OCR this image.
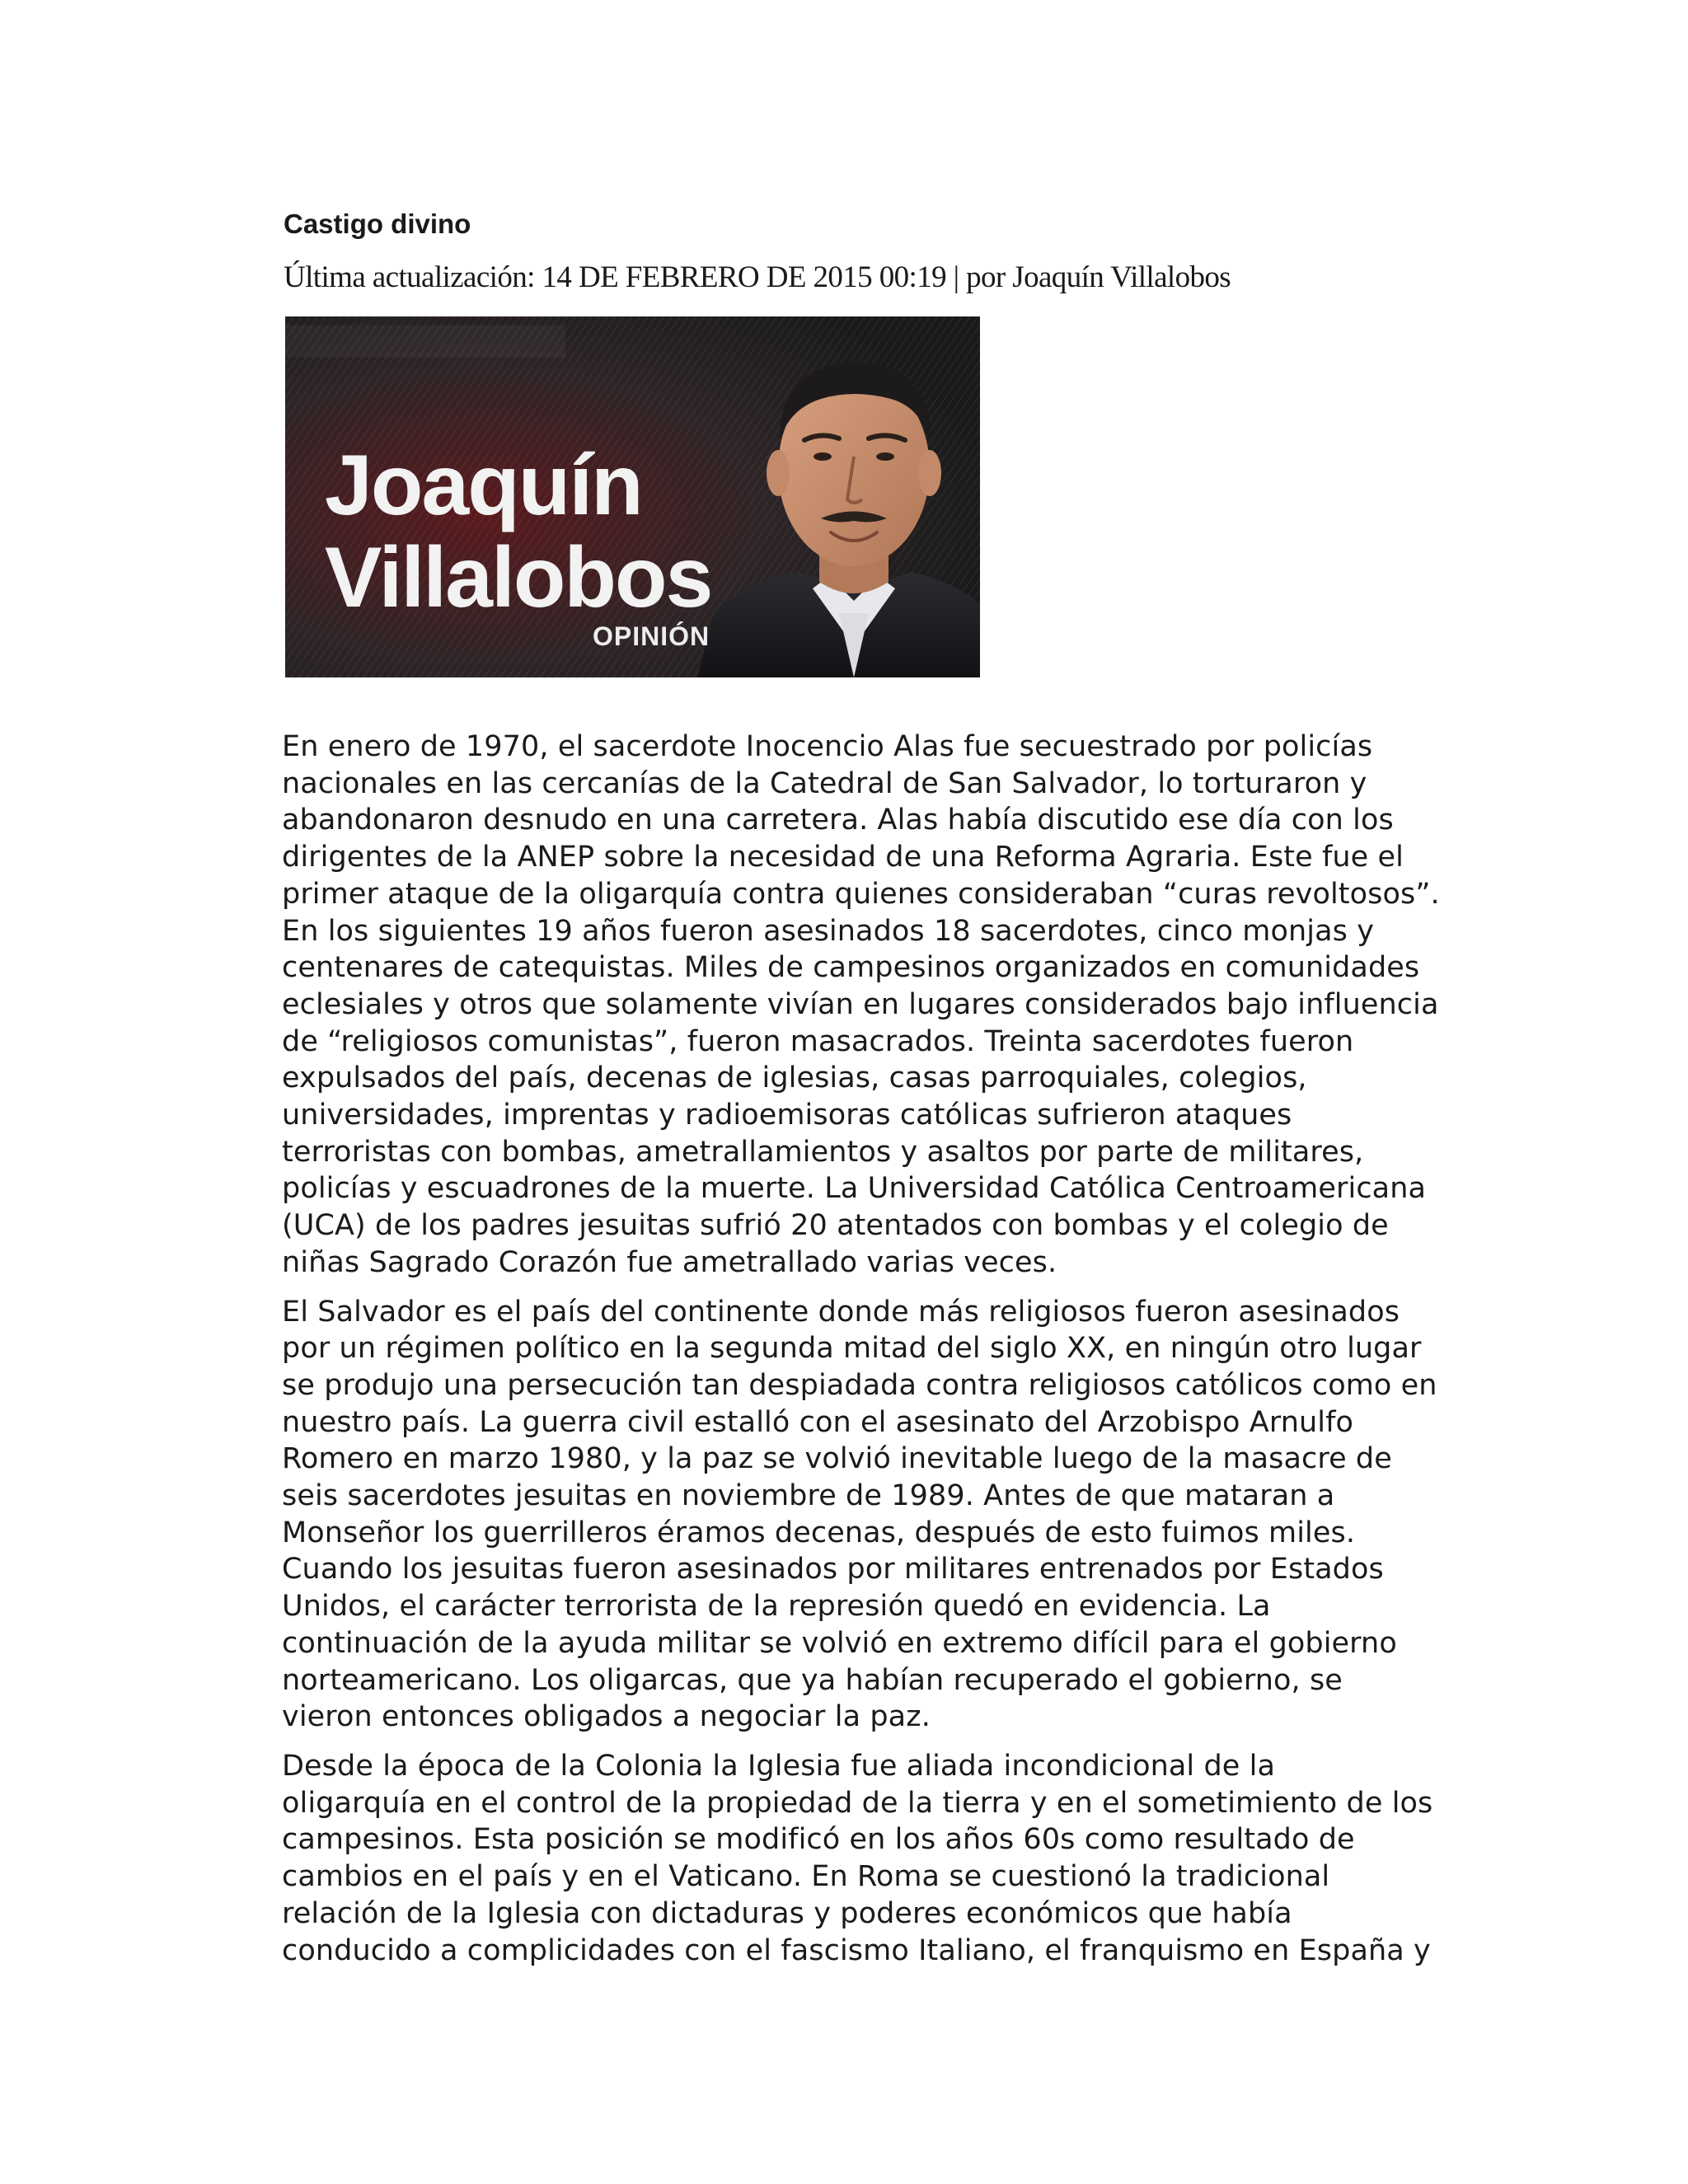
Castigo divino
Última actualización: 14 DE FEBRERO DE 2015 00:19 | por Joaquín Villalobos
Joaquín
Villalobos
OPINIÓN

En enero de 1970, el sacerdote Inocencio Alas fue secuestrado por policías
nacionales en las cercanías de la Catedral de San Salvador, lo torturaron y
abandonaron desnudo en una carretera. Alas había discutido ese día con los
dirigentes de la ANEP sobre la necesidad de una Reforma Agraria. Este fue el
primer ataque de la oligarquía contra quienes consideraban “curas revoltosos”.
En los siguientes 19 años fueron asesinados 18 sacerdotes, cinco monjas y
centenares de catequistas. Miles de campesinos organizados en comunidades
eclesiales y otros que solamente vivían en lugares considerados bajo influencia
de “religiosos comunistas”, fueron masacrados. Treinta sacerdotes fueron
expulsados del país, decenas de iglesias, casas parroquiales, colegios,
universidades, imprentas y radioemisoras católicas sufrieron ataques
terroristas con bombas, ametrallamientos y asaltos por parte de militares,
policías y escuadrones de la muerte. La Universidad Católica Centroamericana
(UCA) de los padres jesuitas sufrió 20 atentados con bombas y el colegio de
niñas Sagrado Corazón fue ametrallado varias veces.

El Salvador es el país del continente donde más religiosos fueron asesinados
por un régimen político en la segunda mitad del siglo XX, en ningún otro lugar
se produjo una persecución tan despiadada contra religiosos católicos como en
nuestro país. La guerra civil estalló con el asesinato del Arzobispo Arnulfo
Romero en marzo 1980, y la paz se volvió inevitable luego de la masacre de
seis sacerdotes jesuitas en noviembre de 1989. Antes de que mataran a
Monseñor los guerrilleros éramos decenas, después de esto fuimos miles.
Cuando los jesuitas fueron asesinados por militares entrenados por Estados
Unidos, el carácter terrorista de la represión quedó en evidencia. La
continuación de la ayuda militar se volvió en extremo difícil para el gobierno
norteamericano. Los oligarcas, que ya habían recuperado el gobierno, se
vieron entonces obligados a negociar la paz.

Desde la época de la Colonia la Iglesia fue aliada incondicional de la
oligarquía en el control de la propiedad de la tierra y en el sometimiento de los
campesinos. Esta posición se modificó en los años 60s como resultado de
cambios en el país y en el Vaticano. En Roma se cuestionó la tradicional
relación de la Iglesia con dictaduras y poderes económicos que había
conducido a complicidades con el fascismo Italiano, el franquismo en España y
